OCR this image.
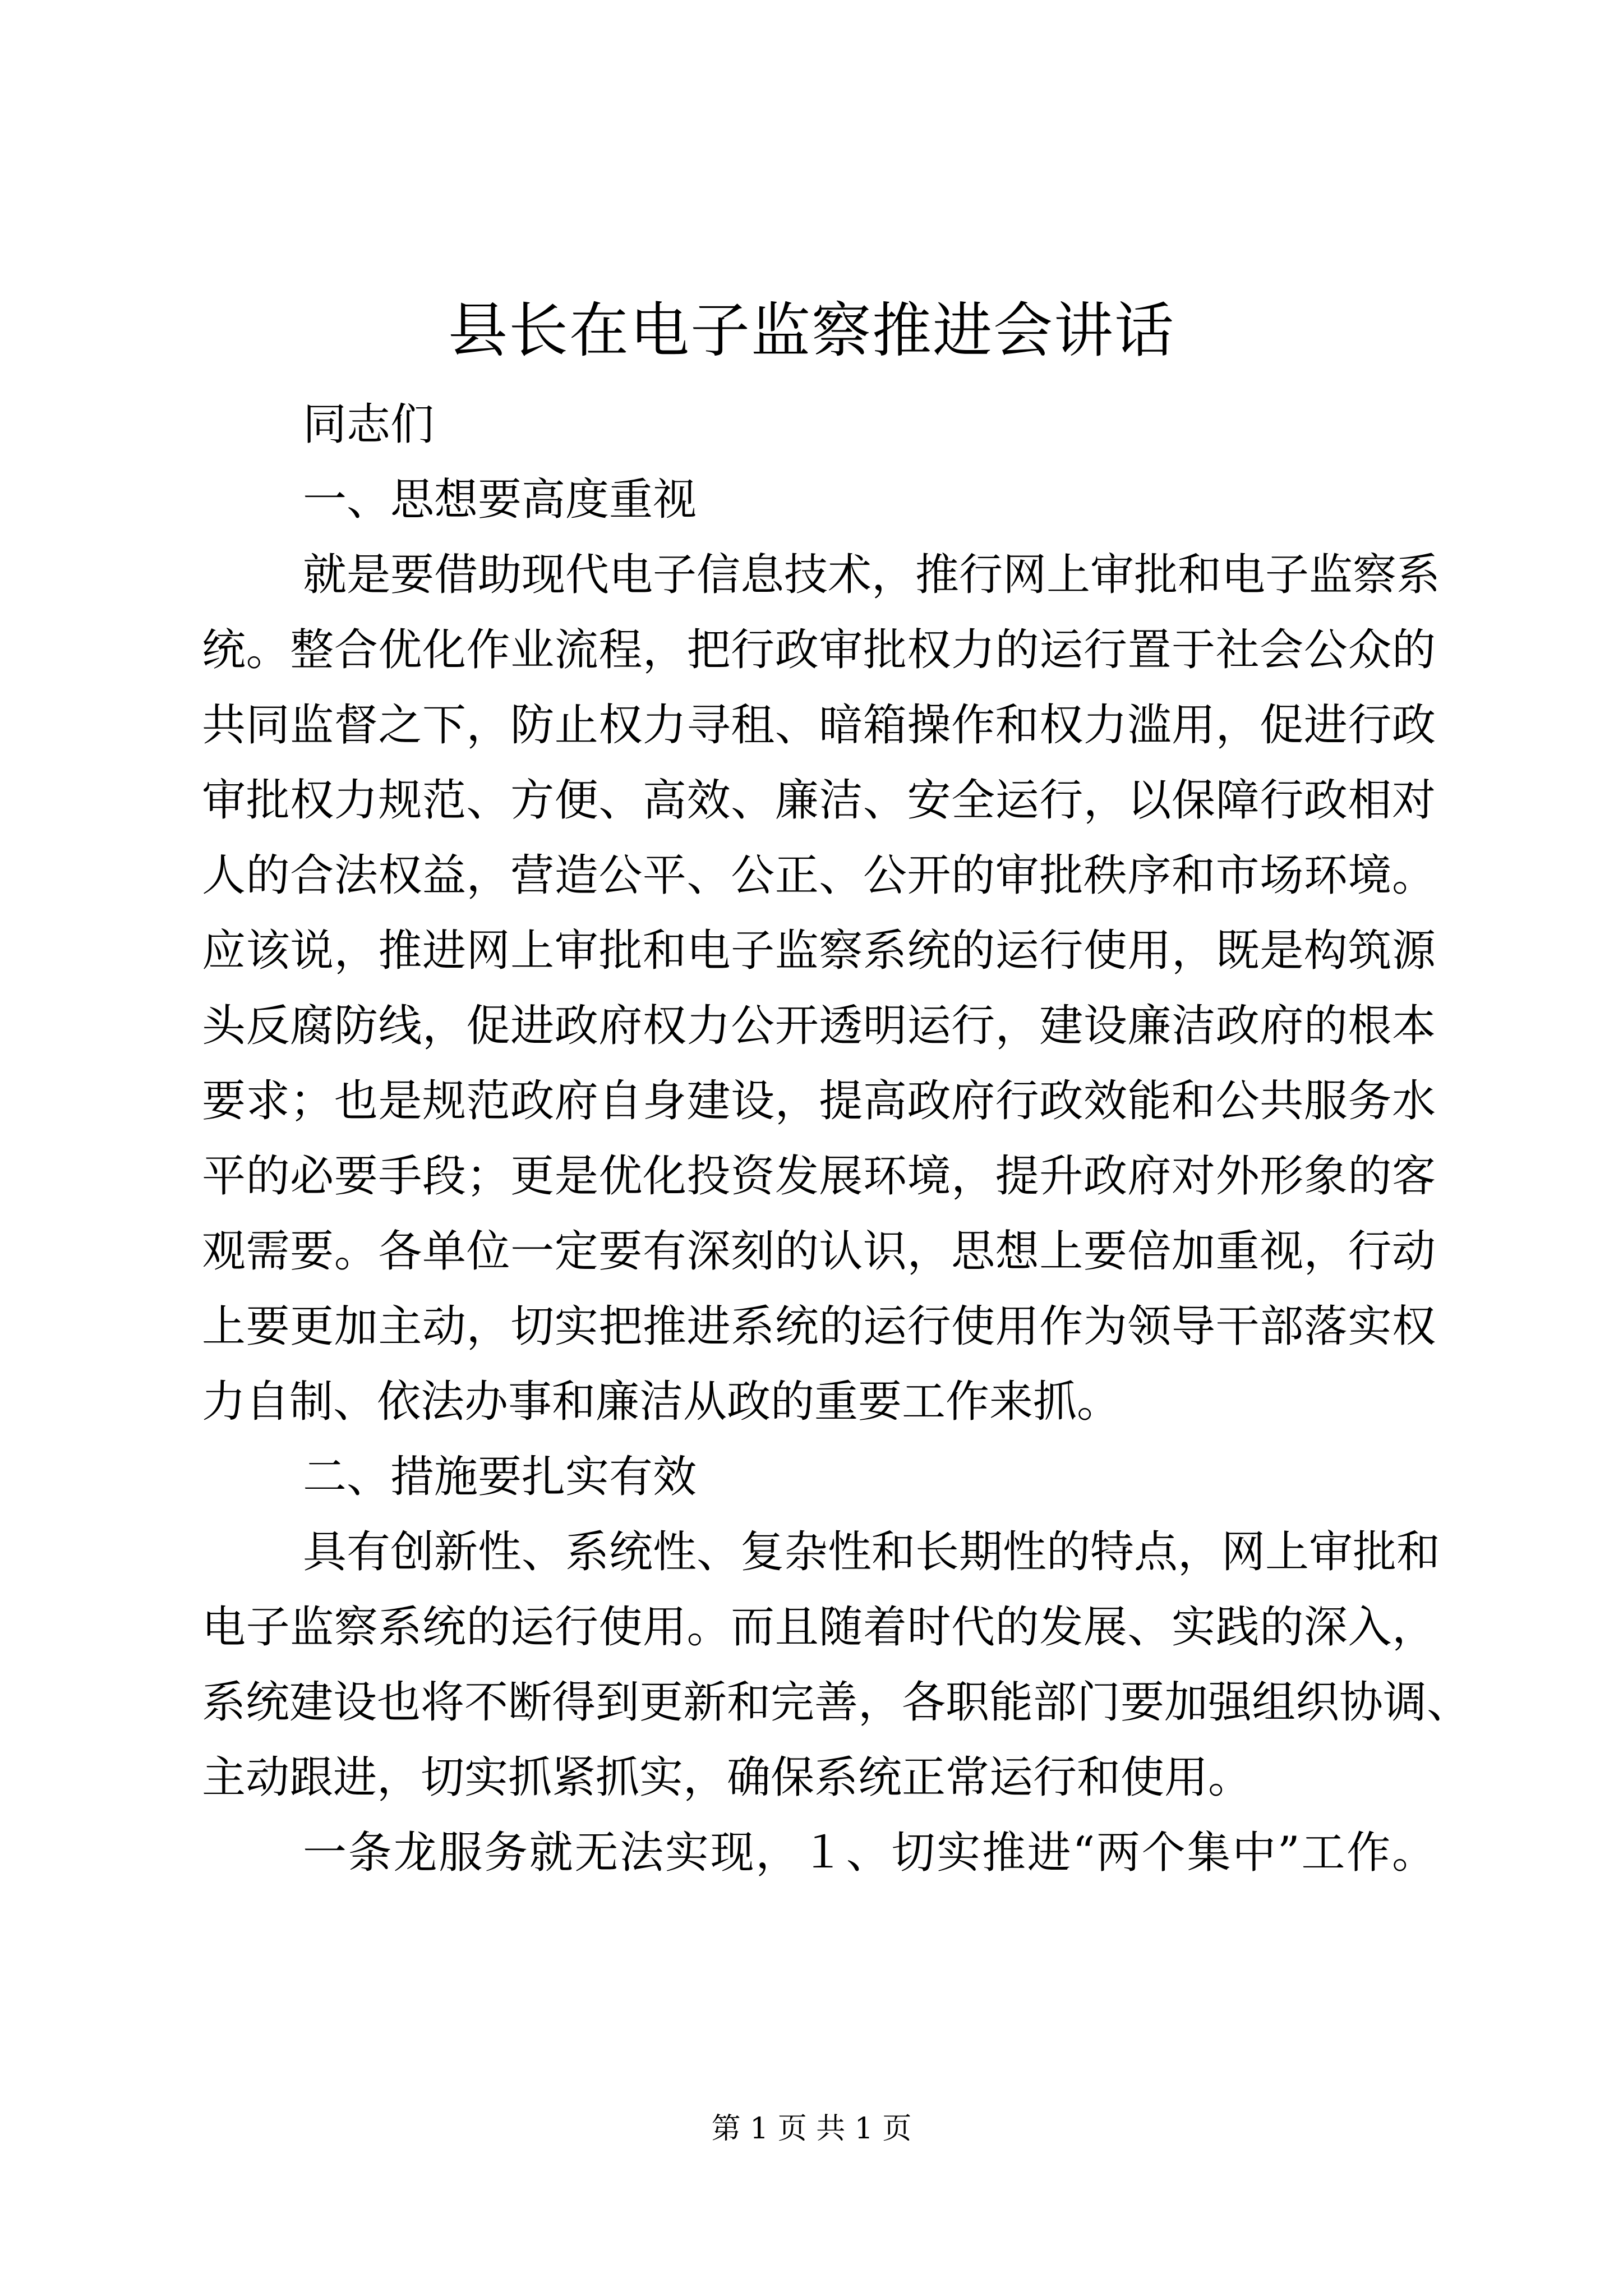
县长在电子监察推进会讲话
同志们
一、思想要高度重视
就是要借助现代电子信息技术，推行网上审批和电子监察系
统。整合优化作业流程，把行政审批权力的运行置于社会公众的
共同监督之下，防止权力寻租、暗箱操作和权力滥用，促进行政
审批权力规范、方便、高效、廉洁、安全运行，以保障行政相对
人的合法权益，营造公平、公正、公开的审批秩序和市场环境。
应该说，推进网上审批和电子监察系统的运行使用，既是构筑源
头反腐防线，促进政府权力公开透明运行，建设廉洁政府的根本
要求；也是规范政府自身建设，提高政府行政效能和公共服务水
平的必要手段；更是优化投资发展环境，提升政府对外形象的客
观需要。各单位一定要有深刻的认识，思想上要倍加重视，行动
上要更加主动，切实把推进系统的运行使用作为领导干部落实权
力自制、依法办事和廉洁从政的重要工作来抓。
二、措施要扎实有效
具有创新性、系统性、复杂性和长期性的特点，网上审批和
电子监察系统的运行使用。而且随着时代的发展、实践的深入，
系统建设也将不断得到更新和完善，各职能部门要加强组织协调、
主动跟进，切实抓紧抓实，确保系统正常运行和使用。
一条龙服务就无法实现，１、切实推进“两个集中”工作。
第 1 页 共 1 页
